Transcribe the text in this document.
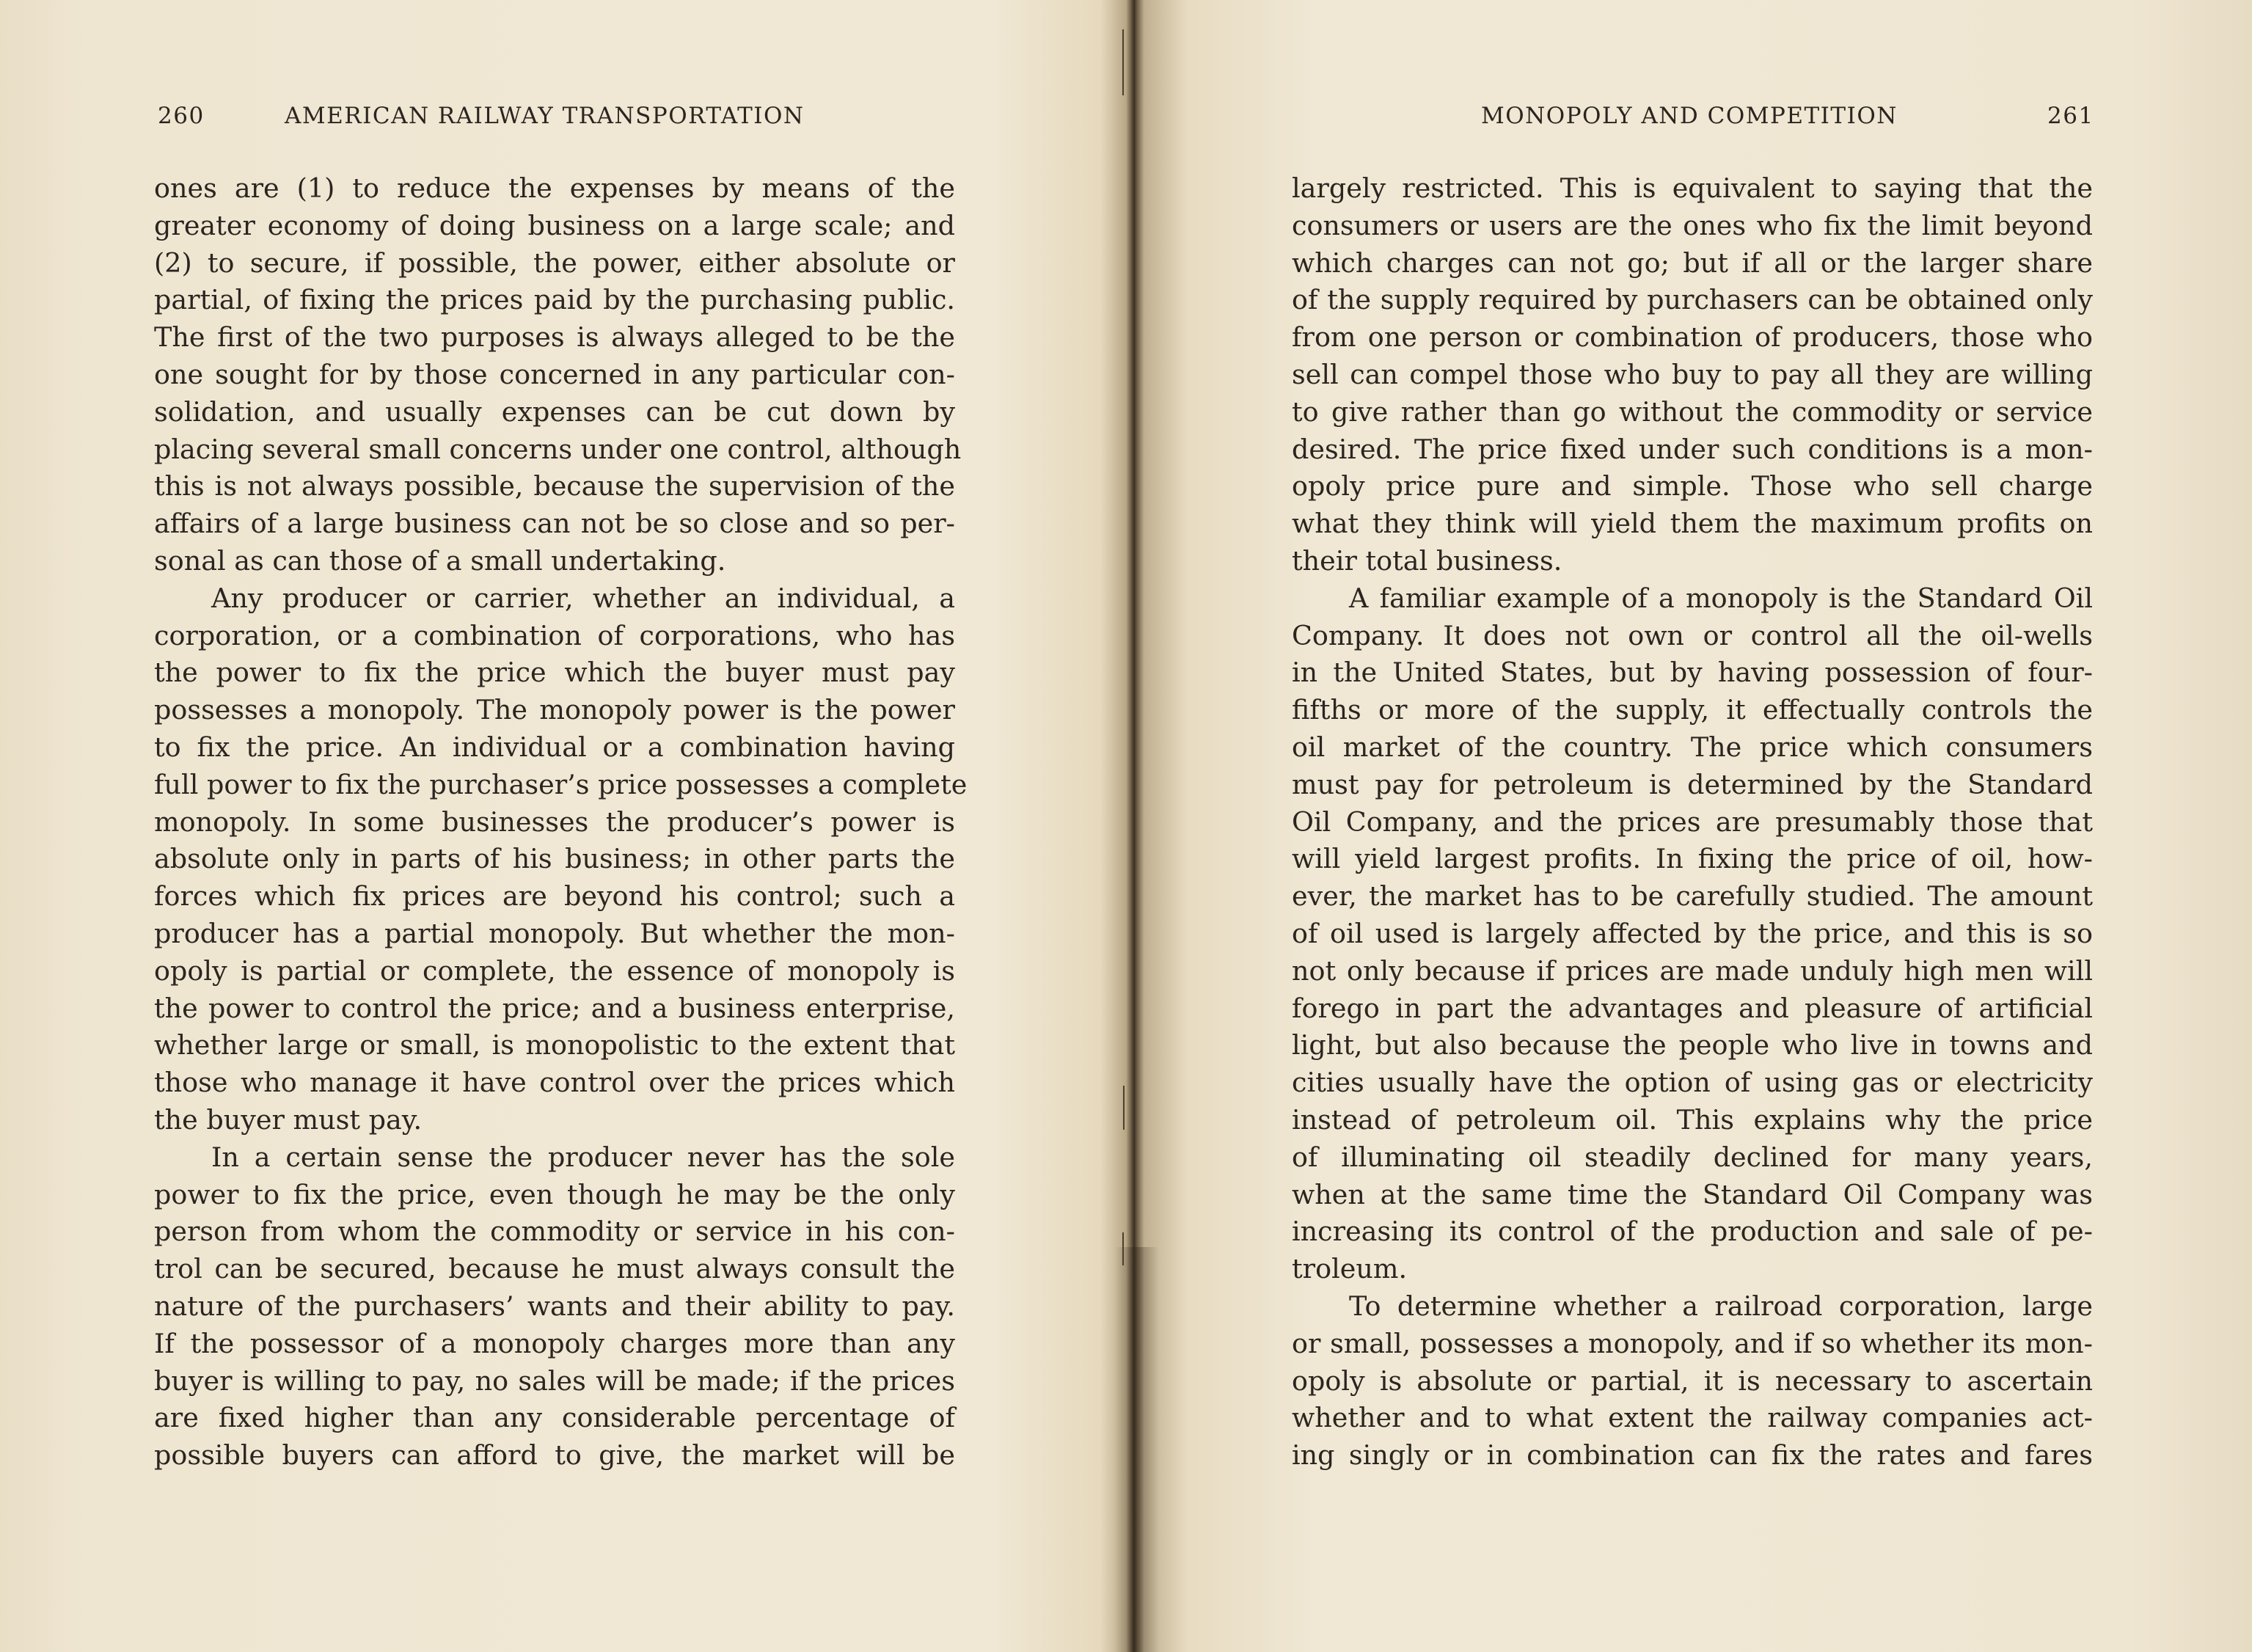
260	AMERICAN RAILWAY TRANSPORTATION
ones are (1) to reduce the expenses by means of the
greater economy of doing business on a large scale; and
(2) to secure, if possible, the power, either absolute or
partial, of fixing the prices paid by the purchasing public.
The first of the two purposes is always alleged to be the
one sought for by those concerned in any particular con-
solidation, and usually expenses can be cut down by
placing several small concerns under one control, although
this is not always possible, because the supervision of the
affairs of a large business can not be so close and so per-
sonal as can those of a small undertaking.
Any producer or carrier, whether an individual, a
corporation, or a combination of corporations, who has
the power to fix the price which the buyer must pay
possesses a monopoly. The monopoly power is the power
to fix the price. An individual or a combination having
full power to fix the purchaser’s price possesses a complete
monopoly. In some businesses the producer’s power is
absolute only in parts of his business; in other parts the
forces which fix prices are beyond his control; such a
producer has a partial monopoly. But whether the mon-
opoly is partial or complete, the essence of monopoly is
the power to control the price; and a business enterprise,
whether large or small, is monopolistic to the extent that
those who manage it have control over the prices which
the buyer must pay.
In a certain sense the producer never has the sole
power to fix the price, even though he may be the only
person from whom the commodity or service in his con-
trol can be secured, because he must always consult the
nature of the purchasers’ wants and their ability to pay.
If the possessor of a monopoly charges more than any
buyer is willing to pay, no sales will be made; if the prices
are fixed higher than any considerable percentage of
possible buyers can afford to give, the market will be
MONOPOLY AND COMPETITION	261
largely restricted. This is equivalent to saying that the
consumers or users are the ones who fix the limit beyond
which charges can not go; but if all or the larger share
of the supply required by purchasers can be obtained only
from one person or combination of producers, those who
sell can compel those who buy to pay all they are willing
to give rather than go without the commodity or service
desired. The price fixed under such conditions is a mon-
opoly price pure and simple. Those who sell charge
what they think will yield them the maximum profits on
their total business.
A familiar example of a monopoly is the Standard Oil
Company. It does not own or control all the oil-wells
in the United States, but by having possession of four-
fifths or more of the supply, it effectually controls the
oil market of the country. The price which consumers
must pay for petroleum is determined by the Standard
Oil Company, and the prices are presumably those that
will yield largest profits. In fixing the price of oil, how-
ever, the market has to be carefully studied. The amount
of oil used is largely affected by the price, and this is so
not only because if prices are made unduly high men will
forego in part the advantages and pleasure of artificial
light, but also because the people who live in towns and
cities usually have the option of using gas or electricity
instead of petroleum oil. This explains why the price
of illuminating oil steadily declined for many years,
when at the same time the Standard Oil Company was
increasing its control of the production and sale of pe-
troleum.
To determine whether a railroad corporation, large
or small, possesses a monopoly, and if so whether its mon-
opoly is absolute or partial, it is necessary to ascertain
whether and to what extent the railway companies act-
ing singly or in combination can fix the rates and fares
